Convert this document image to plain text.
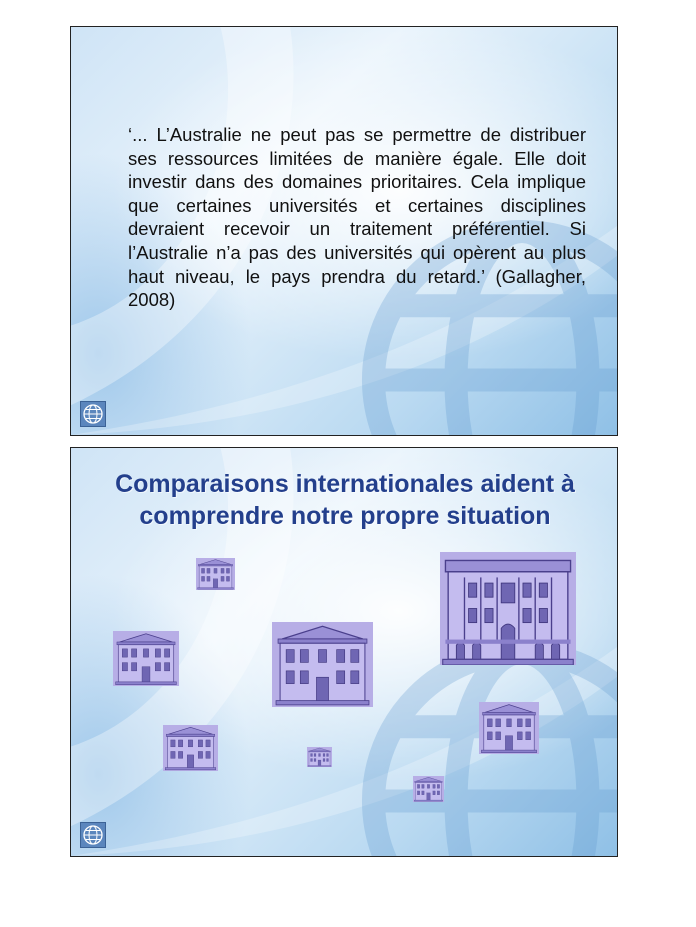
‘... L’Australie ne peut pas se permettre de distribuer ses ressources limitées de manière égale. Elle doit investir dans des domaines prioritaires. Cela implique que certaines universités et certaines disciplines devraient recevoir un traitement préférentiel. Si l’Australie n’a pas des universités qui opèrent au plus haut niveau, le pays prendra du retard.’ (Gallagher, 2008)

Comparaisons internationales aident à comprendre notre propre situation
